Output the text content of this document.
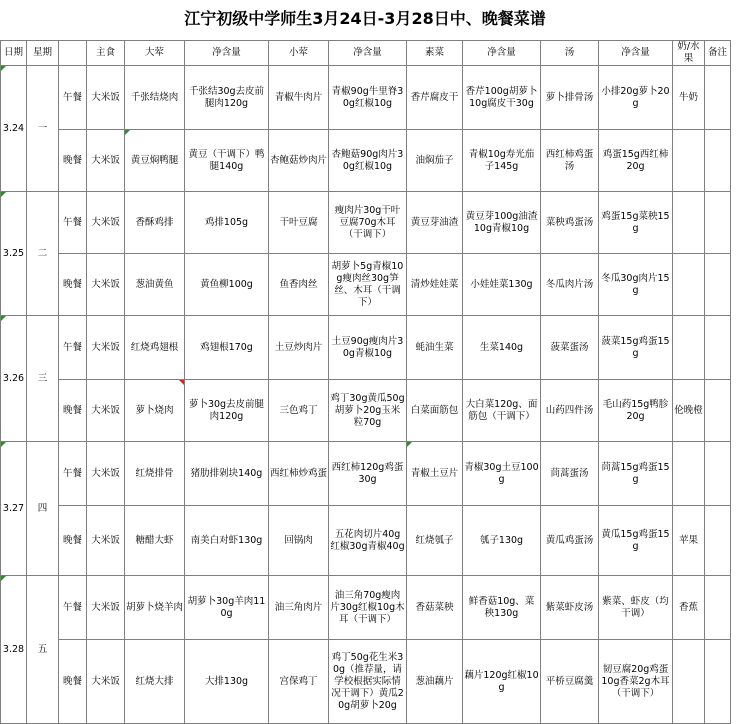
江宁初级中学师生3月24日-3月28日中、晚餐菜谱
日期	星期		主食	大荤	净含量	小荤	净含量	素菜	净含量	汤	净含量	奶/水果	备注
3.24	一	午餐	大米饭	千张结烧肉	千张结30g去皮前腿肉120g	青椒牛肉片	青椒90g牛里脊30g红椒10g	香芹腐皮干	香芹100g胡萝卜10g腐皮干30g	萝卜排骨汤	小排20g萝卜20g	牛奶	
		晚餐	大米饭	黄豆焖鸭腿	黄豆（干调下）鸭腿140g	杏鲍菇炒肉片	杏鲍菇90g肉片30g红椒10g	油焖茄子	青椒10g寿光茄子145g	西红柿鸡蛋汤	鸡蛋15g西红柿20g		
3.25	二	午餐	大米饭	香酥鸡排	鸡排105g	干叶豆腐	瘦肉片30g干叶豆腐70g木耳（干调下）	黄豆芽油渣	黄豆芽100g油渣10g青椒10g	菜秧鸡蛋汤	鸡蛋15g菜秧15g		
		晚餐	大米饭	葱油黄鱼	黄鱼柳100g	鱼香肉丝	胡萝卜5g青椒10g瘦肉丝30g笋丝、木耳（干调下）	清炒娃娃菜	小娃娃菜130g	冬瓜肉片汤	冬瓜30g肉片15g		
3.26	三	午餐	大米饭	红烧鸡翅根	鸡翅根170g	土豆炒肉片	土豆90g瘦肉片30g青椒10g	蚝油生菜	生菜140g	菠菜蛋汤	菠菜15g鸡蛋15g		
		晚餐	大米饭	萝卜烧肉	萝卜30g去皮前腿肉120g	三色鸡丁	鸡丁30g黄瓜50g胡萝卜20g玉米粒70g	白菜面筋包	大白菜120g、面筋包（干调下）	山药四件汤	毛山药15g鸭胗20g	伦晚橙	
3.27	四	午餐	大米饭	红烧排骨	猪肋排剁块140g	西红柿炒鸡蛋	西红柿120g鸡蛋30g	青椒土豆片	青椒30g土豆100g	茼蒿蛋汤	茼蒿15g鸡蛋15g		
		晚餐	大米饭	糖醋大虾	南美白对虾130g	回锅肉	五花肉切片40g红椒30g青椒40g	红烧瓠子	瓠子130g	黄瓜鸡蛋汤	黄瓜15g鸡蛋15g	苹果	
3.28	五	午餐	大米饭	胡萝卜烧羊肉	胡萝卜30g羊肉110g	油三角肉片	油三角70g瘦肉片30g红椒10g木耳（干调下）	香菇菜秧	鲜香菇10g、菜秧130g	紫菜虾皮汤	紫菜、虾皮（均干调）	香蕉	
		晚餐	大米饭	红烧大排	大排130g	宫保鸡丁	鸡丁50g花生米30g（推荐量，请学校根据实际情况干调下）黄瓜20g胡萝卜20g	葱油藕片	藕片120g红椒10g	平桥豆腐羹	韧豆腐20g鸡蛋10g香菜2g木耳（干调下）		
